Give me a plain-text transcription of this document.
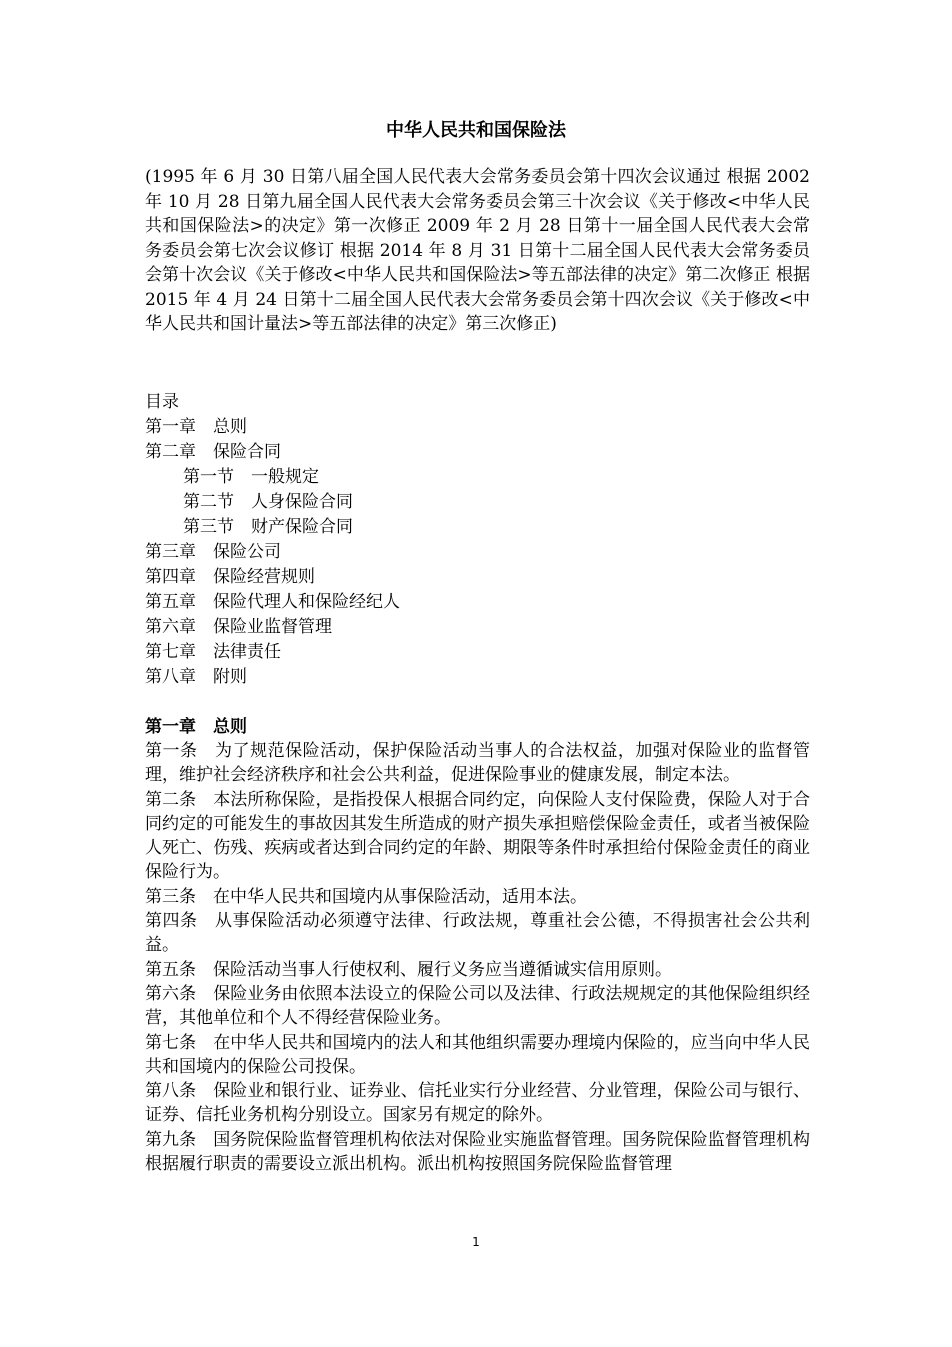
中华人民共和国保险法
(1995 年 6 月 30 日第八届全国人民代表大会常务委员会第十四次会议通过 根据 2002 年 10 月 28 日第九届全国人民代表大会常务委员会第三十次会议《关于修改<中华人民共和国保险法>的决定》第一次修正 2009 年 2 月 28 日第十一届全国人民代表大会常务委员会第七次会议修订 根据 2014 年 8 月 31 日第十二届全国人民代表大会常务委员会第十次会议《关于修改<中华人民共和国保险法>等五部法律的决定》第二次修正 根据 2015 年 4 月 24 日第十二届全国人民代表大会常务委员会第十四次会议《关于修改<中华人民共和国计量法>等五部法律的决定》第三次修正)
目录
第一章　总则
第二章　保险合同
第一节　一般规定
第二节　人身保险合同
第三节　财产保险合同
第三章　保险公司
第四章　保险经营规则
第五章　保险代理人和保险经纪人
第六章　保险业监督管理
第七章　法律责任
第八章　附则
第一章　总则
第一条　为了规范保险活动，保护保险活动当事人的合法权益，加强对保险业的监督管理，维护社会经济秩序和社会公共利益，促进保险事业的健康发展，制定本法。
第二条　本法所称保险，是指投保人根据合同约定，向保险人支付保险费，保险人对于合同约定的可能发生的事故因其发生所造成的财产损失承担赔偿保险金责任，或者当被保险人死亡、伤残、疾病或者达到合同约定的年龄、期限等条件时承担给付保险金责任的商业保险行为。
第三条　在中华人民共和国境内从事保险活动，适用本法。
第四条　从事保险活动必须遵守法律、行政法规，尊重社会公德，不得损害社会公共利益。
第五条　保险活动当事人行使权利、履行义务应当遵循诚实信用原则。
第六条　保险业务由依照本法设立的保险公司以及法律、行政法规规定的其他保险组织经营，其他单位和个人不得经营保险业务。
第七条　在中华人民共和国境内的法人和其他组织需要办理境内保险的，应当向中华人民共和国境内的保险公司投保。
第八条　保险业和银行业、证券业、信托业实行分业经营、分业管理，保险公司与银行、证券、信托业务机构分别设立。国家另有规定的除外。
第九条　国务院保险监督管理机构依法对保险业实施监督管理。国务院保险监督管理机构根据履行职责的需要设立派出机构。派出机构按照国务院保险监督管理
1
